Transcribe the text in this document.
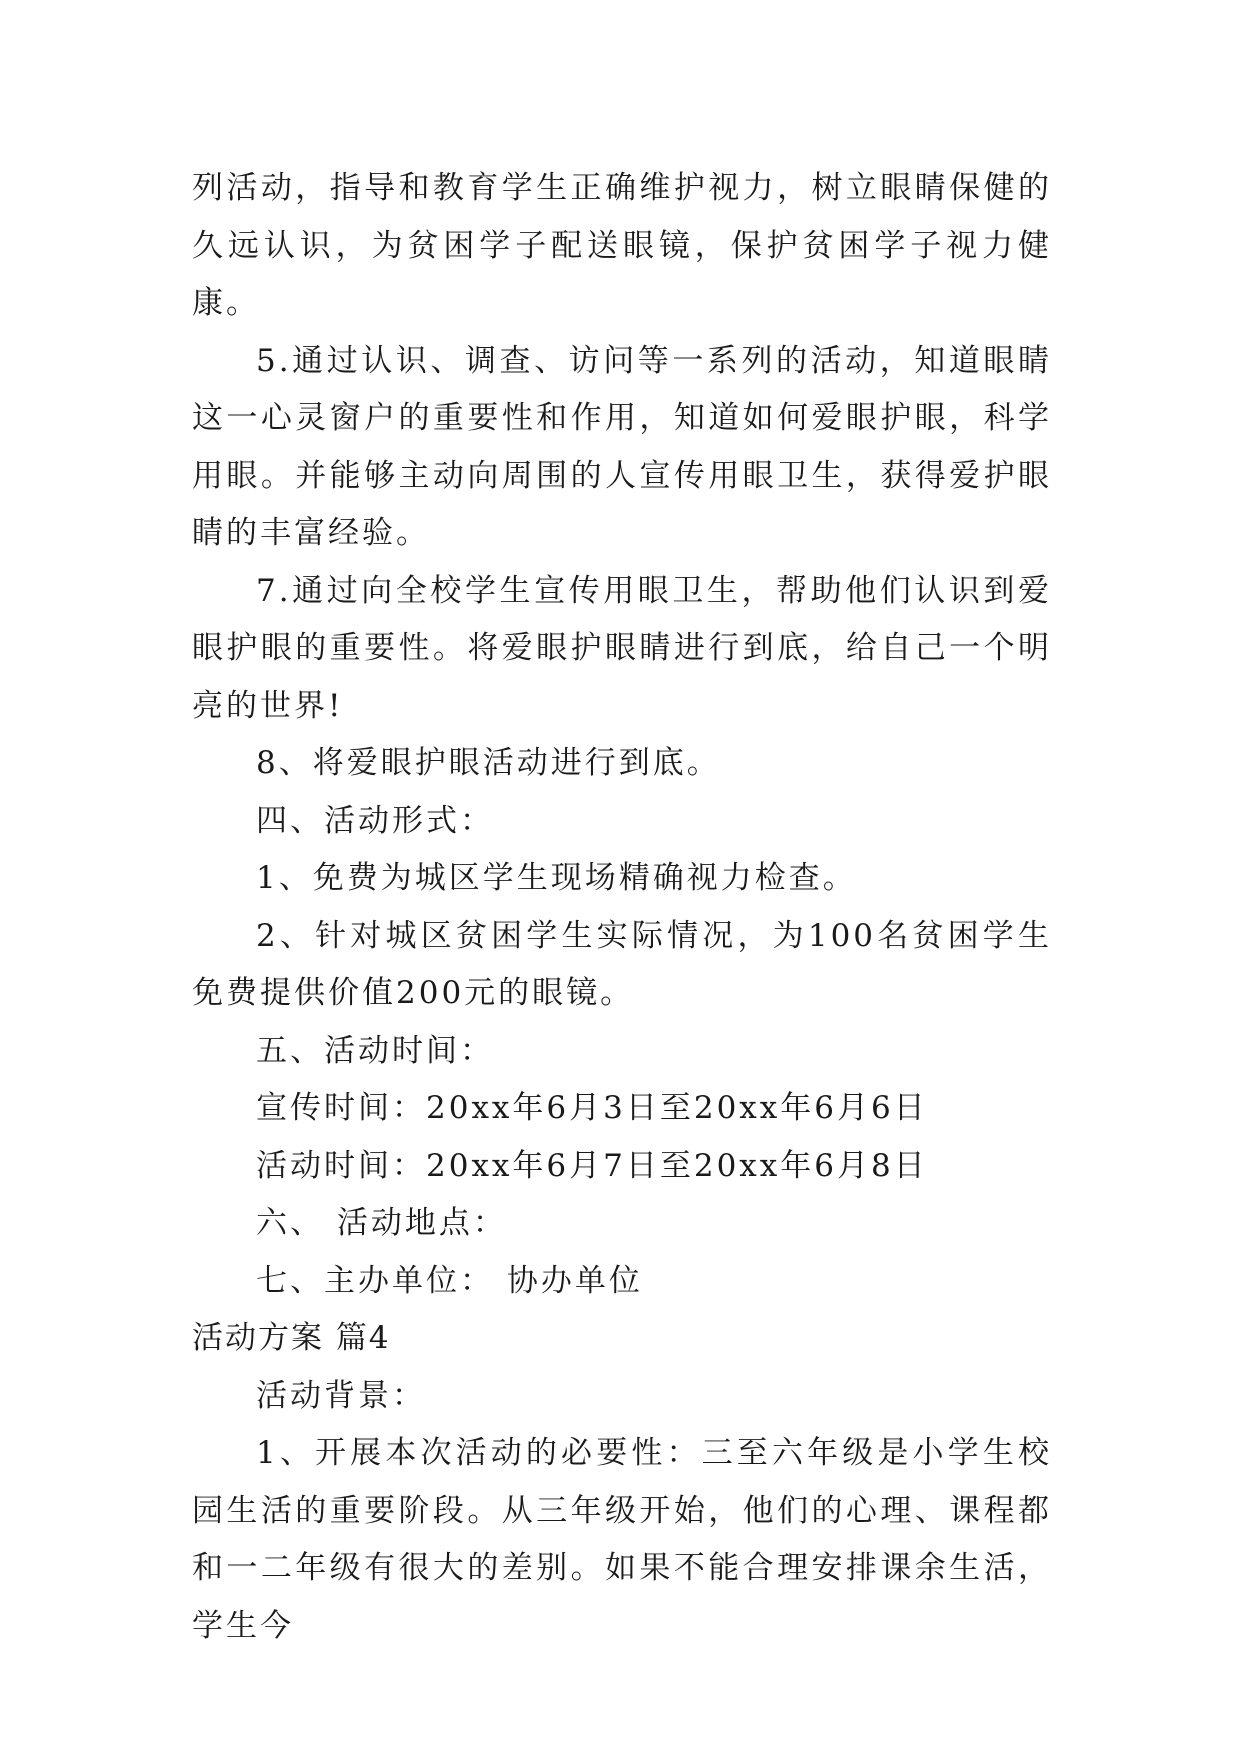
列活动，指导和教育学生正确维护视力，树立眼睛保健的久远认识，为贫困学子配送眼镜，保护贫困学子视力健康。

5.通过认识、调查、访问等一系列的活动，知道眼睛这一心灵窗户的重要性和作用，知道如何爱眼护眼，科学用眼。并能够主动向周围的人宣传用眼卫生，获得爱护眼睛的丰富经验。

7.通过向全校学生宣传用眼卫生，帮助他们认识到爱眼护眼的重要性。将爱眼护眼睛进行到底，给自己一个明亮的世界!

8、将爱眼护眼活动进行到底。

四、活动形式：

1、免费为城区学生现场精确视力检查。

2、针对城区贫困学生实际情况，为100名贫困学生免费提供价值200元的眼镜。

五、活动时间：

宣传时间：20xx年6月3日至20xx年6月6日

活动时间：20xx年6月7日至20xx年6月8日

六、 活动地点：

七、主办单位： 协办单位

活动方案 篇4

活动背景：

1、开展本次活动的必要性：三至六年级是小学生校园生活的重要阶段。从三年级开始，他们的心理、课程都和一二年级有很大的差别。如果不能合理安排课余生活，学生今
